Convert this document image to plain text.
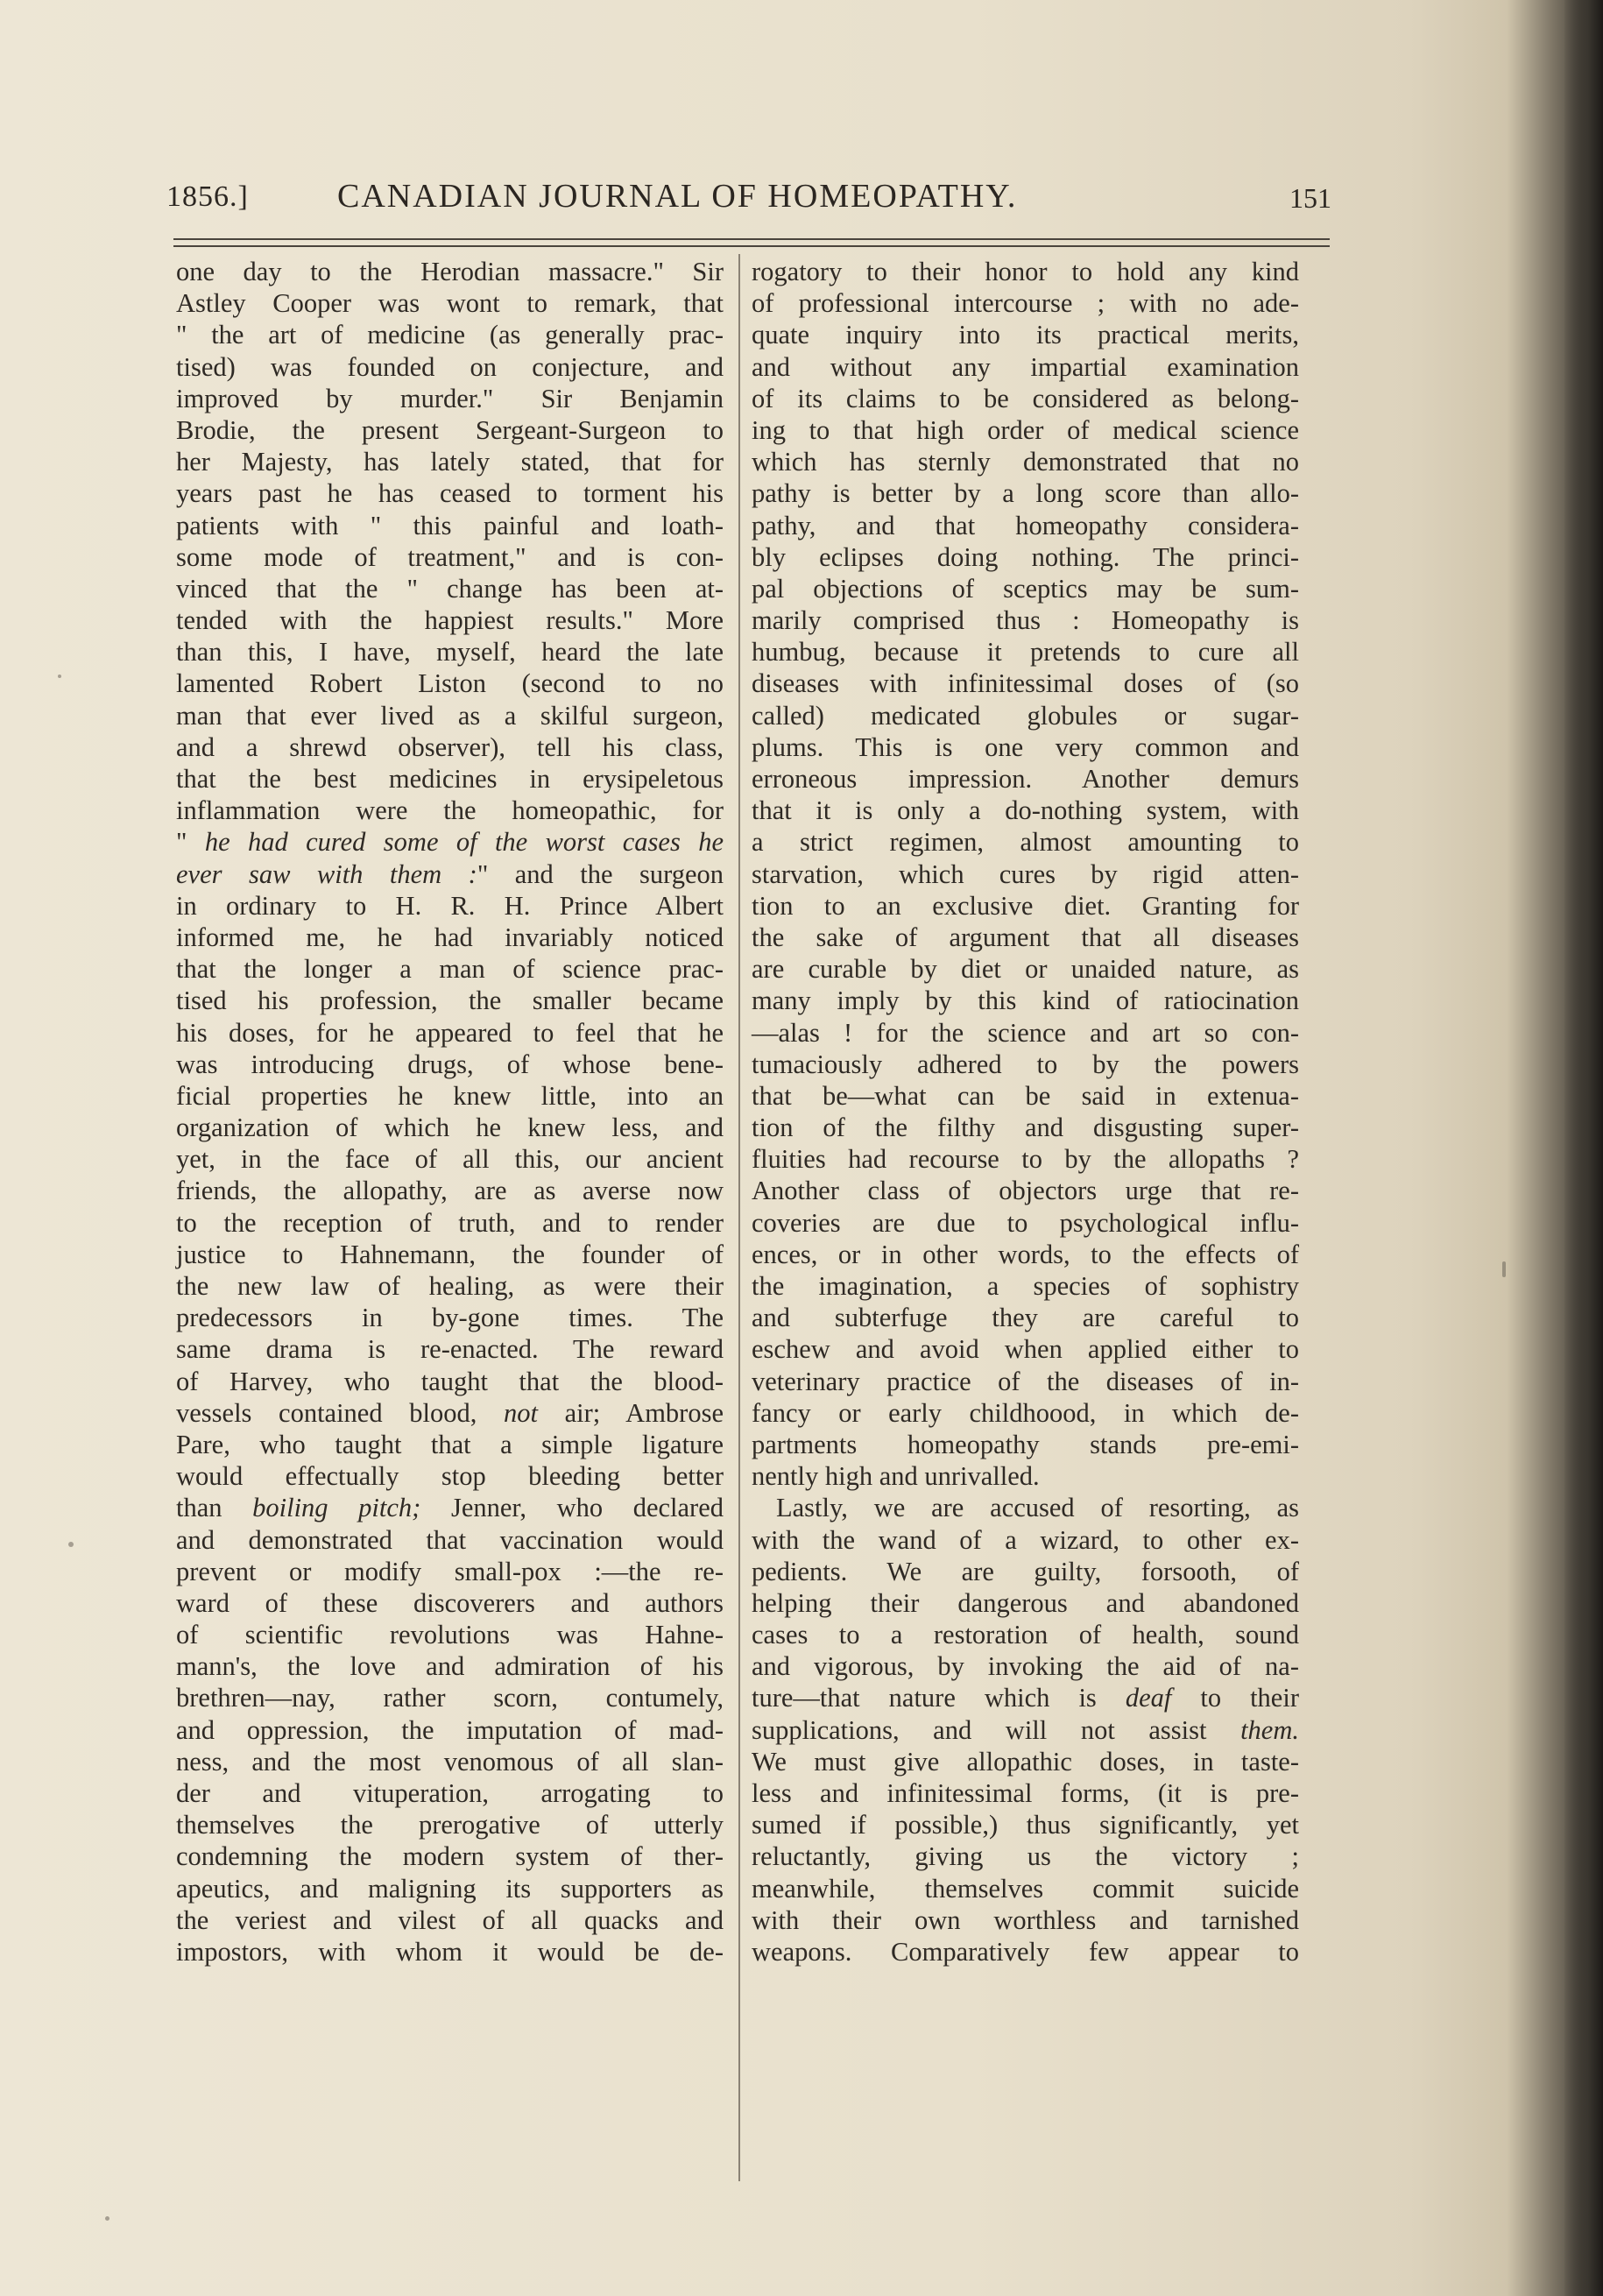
1856.]	CANADIAN JOURNAL OF HOMEOPATHY.	151
one day to the Herodian massacre." Sir
Astley Cooper was wont to remark, that
" the art of medicine (as generally prac-
tised) was founded on conjecture, and
improved by murder." Sir Benjamin
Brodie, the present Sergeant-Surgeon to
her Majesty, has lately stated, that for
years past he has ceased to torment his
patients with " this painful and loath-
some mode of treatment," and is con-
vinced that the " change has been at-
tended with the happiest results." More
than this, I have, myself, heard the late
lamented Robert Liston (second to no
man that ever lived as a skilful surgeon,
and a shrewd observer), tell his class,
that the best medicines in erysipeletous
inflammation were the homeopathic, for
" he had cured some of the worst cases he
ever saw with them :" and the surgeon
in ordinary to H. R. H. Prince Albert
informed me, he had invariably noticed
that the longer a man of science prac-
tised his profession, the smaller became
his doses, for he appeared to feel that he
was introducing drugs, of whose bene-
ficial properties he knew little, into an
organization of which he knew less, and
yet, in the face of all this, our ancient
friends, the allopathy, are as averse now
to the reception of truth, and to render
justice to Hahnemann, the founder of
the new law of healing, as were their
predecessors in by-gone times. The
same drama is re-enacted. The reward
of Harvey, who taught that the blood-
vessels contained blood, not air; Ambrose
Pare, who taught that a simple ligature
would effectually stop bleeding better
than boiling pitch; Jenner, who declared
and demonstrated that vaccination would
prevent or modify small-pox :—the re-
ward of these discoverers and authors
of scientific revolutions was Hahne-
mann's, the love and admiration of his
brethren—nay, rather scorn, contumely,
and oppression, the imputation of mad-
ness, and the most venomous of all slan-
der and vituperation, arrogating to
themselves the prerogative of utterly
condemning the modern system of ther-
apeutics, and maligning its supporters as
the veriest and vilest of all quacks and
impostors, with whom it would be de-
rogatory to their honor to hold any kind
of professional intercourse ; with no ade-
quate inquiry into its practical merits,
and without any impartial examination
of its claims to be considered as belong-
ing to that high order of medical science
which has sternly demonstrated that no
pathy is better by a long score than allo-
pathy, and that homeopathy considera-
bly eclipses doing nothing. The princi-
pal objections of sceptics may be sum-
marily comprised thus : Homeopathy is
humbug, because it pretends to cure all
diseases with infinitessimal doses of (so
called) medicated globules or sugar-
plums. This is one very common and
erroneous impression. Another demurs
that it is only a do-nothing system, with
a strict regimen, almost amounting to
starvation, which cures by rigid atten-
tion to an exclusive diet. Granting for
the sake of argument that all diseases
are curable by diet or unaided nature, as
many imply by this kind of ratiocination
—alas ! for the science and art so con-
tumaciously adhered to by the powers
that be—what can be said in extenua-
tion of the filthy and disgusting super-
fluities had recourse to by the allopaths ?
Another class of objectors urge that re-
coveries are due to psychological influ-
ences, or in other words, to the effects of
the imagination, a species of sophistry
and subterfuge they are careful to
eschew and avoid when applied either to
veterinary practice of the diseases of in-
fancy or early childhoood, in which de-
partments homeopathy stands pre-emi-
nently high and unrivalled.
Lastly, we are accused of resorting, as
with the wand of a wizard, to other ex-
pedients. We are guilty, forsooth, of
helping their dangerous and abandoned
cases to a restoration of health, sound
and vigorous, by invoking the aid of na-
ture—that nature which is deaf to their
supplications, and will not assist them.
We must give allopathic doses, in taste-
less and infinitessimal forms, (it is pre-
sumed if possible,) thus significantly, yet
reluctantly, giving us the victory ;
meanwhile, themselves commit suicide
with their own worthless and tarnished
weapons. Comparatively few appear to
